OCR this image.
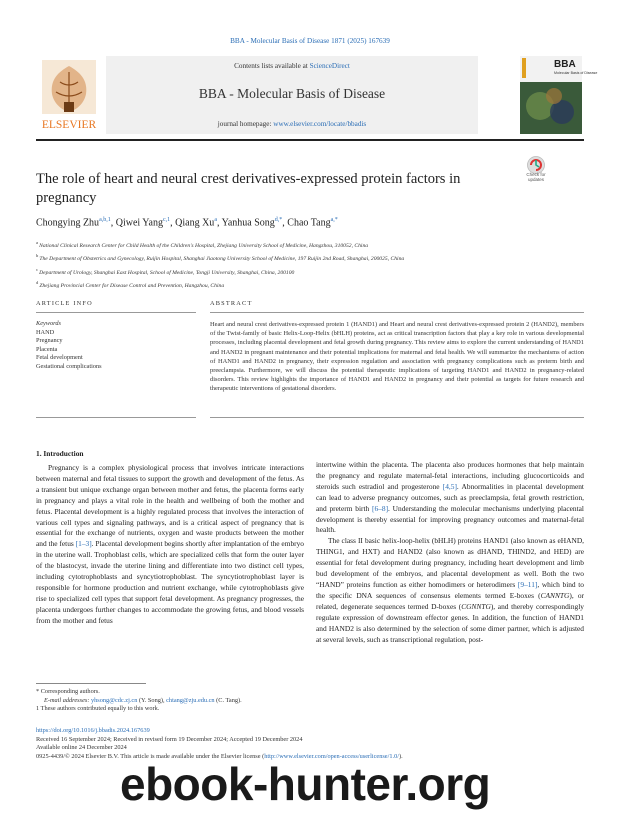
BBA - Molecular Basis of Disease 1871 (2025) 167639
ELSEVIER
Contents lists available at ScienceDirect
BBA - Molecular Basis of Disease
journal homepage: www.elsevier.com/locate/bbadis
BBA
Molecular Basis of Disease
The role of heart and neural crest derivatives-expressed protein factors in pregnancy
Check for updates
Chongying Zhu$^{a,b,1}$, Qiwei Yang$^{c,1}$, Qiang Xu$^a$, Yanhua Song$^{d,*}$, Chao Tang$^{a,*}$
$^a$ National Clinical Research Center for Child Health of the Children's Hospital, Zhejiang University School of Medicine, Hangzhou, 310052, China
$^b$ The Department of Obstetrics and Gynecology, Ruijin Hospital, Shanghai Jiaotong University School of Medicine, 197 Ruijin 2nd Road, Shanghai, 200025, China
$^c$ Department of Urology, Shanghai East Hospital, School of Medicine, Tongji University, Shanghai, China, 200100
$^d$ Zhejiang Provincial Center for Disease Control and Prevention, Hangzhou, China
ARTICLE INFO	ABSTRACT
Keywords
HAND
Pregnancy
Placenta
Fetal development
Gestational complications
Heart and neural crest derivatives-expressed protein 1 (HAND1) and Heart and neural crest derivatives-expressed protein 2 (HAND2), members of the Twist-family of basic Helix-Loop-Helix (bHLH) proteins, act as critical transcription factors that play a key role in various developmental processes, including placental development and fetal growth during pregnancy. This review aims to explore the current understanding of HAND1 and HAND2 in pregnant maintenance and their potential implications for maternal and fetal health. We will summarize the mechanisms of action of HAND1 and HAND2 in pregnancy, their expression regulation and association with pregnancy complications such as preterm birth and preeclampsia. Furthermore, we will discuss the potential therapeutic implications of targeting HAND1 and HAND2 in pregnancy-related disorders. This review highlights the importance of HAND1 and HAND2 in pregnancy and their potential as targets for future research and therapeutic interventions of gestational disorders.
1. Introduction

Pregnancy is a complex physiological process that involves intricate interactions between maternal and fetal tissues to support the growth and development of the fetus. As a transient but unique exchange organ between mother and fetus, the placenta forms early in pregnancy and plays a vital role in the health and wellbeing of both the mother and fetus. Placental development is a highly regulated process that involves the interaction of various cell types and signaling pathways, and is a critical aspect of pregnancy that is essential for the exchange of nutrients, oxygen and waste products between the mother and the fetus [1–3]. Placental development begins shortly after implantation of the embryo in the uterine wall. Trophoblast cells, which are specialized cells that form the outer layer of the blastocyst, invade the uterine lining and differentiate into two distinct cell types, including cytotrophoblasts and syncytiotrophoblast. The syncytiotrophoblast layer is responsible for hormone production and nutrient exchange, while cytotrophoblasts give rise to specialized cell types that support fetal development. As pregnancy progresses, the placenta undergoes further changes to accommodate the growing fetus, and blood vessels from the mother and fetus

intertwine within the placenta. The placenta also produces hormones that help maintain the pregnancy and regulate maternal-fetal interactions, including glucocorticoids and steroids such estradiol and progesterone [4,5]. Abnormalities in placental development can lead to adverse pregnancy outcomes, such as preeclampsia, fetal growth restriction, and preterm birth [6–8]. Understanding the molecular mechanisms underlying placental development is thereby essential for improving pregnancy outcomes and maternal-fetal health.

The class II basic helix-loop-helix (bHLH) proteins HAND1 (also known as eHAND, THING1, and HXT) and HAND2 (also known as dHAND, THIND2, and HED) are essential for fetal development during pregnancy, including heart development and limb bud development of the embryos, and placental development as well. Both the two “HAND” proteins function as either homodimers or heterodimers [9–11], which bind to the specific DNA sequences of consensus elements termed E-boxes (CANNTG), or related, degenerate sequences termed D-boxes (CGNNTG), and thereby correspondingly regulate expression of downstream effector genes. In addition, the function of HAND1 and HAND2 is also determined by the selection of some dimer partner, which is adjusted at several levels, such as transcriptional regulation, post-

* Corresponding authors.
E-mail addresses: yhsong@cdc.zj.cn (Y. Song), chtang@zju.edu.cn (C. Tang).
1 These authors contributed equally to this work.
https://doi.org/10.1016/j.bbadis.2024.167639
Received 16 September 2024; Received in revised form 19 December 2024; Accepted 19 December 2024
Available online 24 December 2024
0925-4439/© 2024 Elsevier B.V. This article is made available under the Elsevier license (http://www.elsevier.com/open-access/userlicense/1.0/).
ebook-hunter.org
